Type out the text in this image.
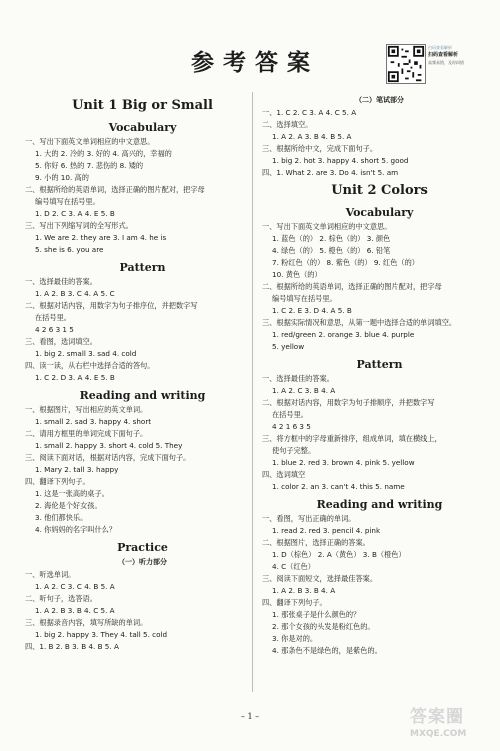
参考答案
扫码查看解析
扫码查看解析
高频易错，及时纠错
Unit 1 Big or Small
Vocabulary
一、写出下面英文单词相应的中文意思。
1. 大的 2. 冷的 3. 好的 4. 高兴的，幸福的
5. 你好 6. 热的 7. 悲伤的 8. 矮的
9. 小的 10. 高的
二、根据所给的英语单词，选择正确的图片配对，把字母
编号填写在括号里。
1. D 2. C 3. A 4. E 5. B
三、写出下列缩写词的全写形式。
1. We are 2. they are 3. I am 4. he is
5. she is 6. you are
Pattern
一、选择最佳的答案。
1. A 2. B 3. C 4. A 5. C
二、根据对话内容，用数字为句子排序位，并把数字写
在括号里。
4 2 6 3 1 5
三、看图，选词填空。
1. big 2. small 3. sad 4. cold
四、读一读，从右栏中选择合适的答句。
1. C 2. D 3. A 4. E 5. B
Reading and writing
一、根据图片，写出相应的英文单词。
1. small 2. sad 3. happy 4. short
二、请用方框里的单词完成下面句子。
1. small 2. happy 3. short 4. cold 5. They
三、阅读下面对话，根据对话内容，完成下面句子。
1. Mary 2. tall 3. happy
四、翻译下列句子。
1. 这是一张高的桌子。
2. 海伦是个好女孩。
3. 他们都快乐。
4. 你妈妈的名字叫什么？
Practice
（一）听力部分
一、听选单词。
1. A 2. C 3. C 4. B 5. A
二、听句子，选答语。
1. A 2. B 3. B 4. C 5. A
三、根据录音内容，填写所缺的单词。
1. big 2. happy 3. They 4. tall 5. cold
四、1. B 2. B 3. B 4. B 5. A
（二）笔试部分
一、1. C 2. C 3. A 4. C 5. A
二、选择填空。
1. A 2. A 3. B 4. B 5. A
三、根据所给中文，完成下面句子。
1. big 2. hot 3. happy 4. short 5. good
四、1. What 2. are 3. Do 4. isn't 5. am
Unit 2 Colors
Vocabulary
一、写出下面英文单词相应的中文意思。
1. 蓝色（的） 2. 棕色（的） 3. 颜色
4. 绿色（的） 5. 橙色（的） 6. 铅笔
7. 粉红色（的） 8. 紫色（的） 9. 红色（的）
10. 黄色（的）
二、根据所给的英语单词，选择正确的图片配对，把字母
编号填写在括号里。
1. C 2. E 3. D 4. A 5. B
三、根据实际情况和意思，从第一题中选择合适的单词填空。
1. red/green 2. orange 3. blue 4. purple
5. yellow
Pattern
一、选择最佳的答案。
1. A 2. C 3. B 4. A
二、根据对话内容，用数字为句子排顺序，并把数字写
在括号里。
4 2 1 6 3 5
三、将方框中的字母重新排序，组成单词，填在横线上，
使句子完整。
1. blue 2. red 3. brown 4. pink 5. yellow
四、选词填空
1. color 2. an 3. can't 4. this 5. name
Reading and writing
一、看图，写出正确的单词。
1. read 2. red 3. pencil 4. pink
二、根据图片，选择正确的答案。
1. D（棕色） 2. A（黄色） 3. B（橙色）
4. C（红色）
三、阅读下面短文，选择最佳答案。
1. A 2. B 3. B 4. A
四、翻译下列句子。
1. 那张桌子是什么颜色的？
2. 那个女孩的头发是粉红色的。
3. 你是对的。
4. 那条色不是绿色的，是紫色的。
– 1 –	答案圈
MXQE.COM
